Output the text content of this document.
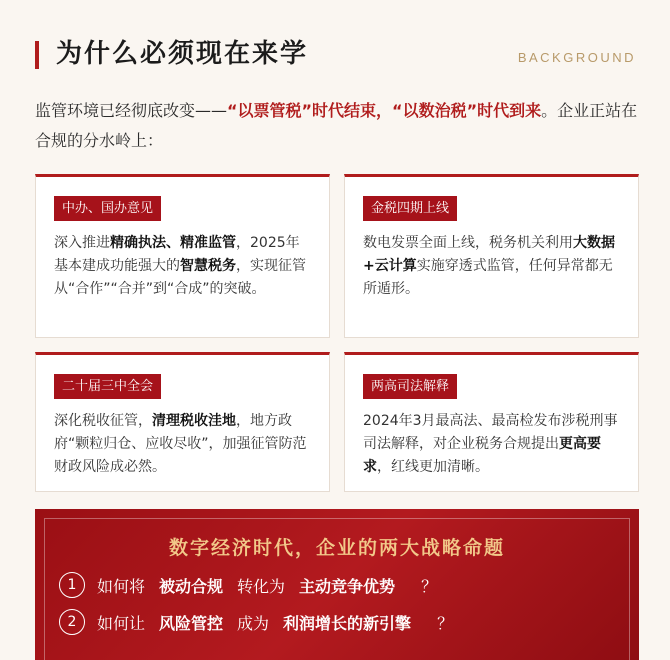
为什么必须现在来学	BACKGROUND

监管环境已经彻底改变——“以票管税”时代结束，“以数治税”时代到来。企业正站在合规的分水岭上：

中办、国办意见

深入推进精确执法、精准监管，2025年基本建成功能强大的智慧税务，实现征管从“合作”“合并”到“合成”的突破。

金税四期上线

数电发票全面上线，税务机关利用大数据+云计算实施穿透式监管，任何异常都无所遁形。

二十届三中全会

深化税收征管，清理税收洼地，地方政府“颗粒归仓、应收尽收”，加强征管防范财政风险成必然。

两高司法解释

2024年3月最高法、最高检发布涉税刑事司法解释，对企业税务合规提出更高要求，红线更加清晰。

数字经济时代，企业的两大战略命题
1	如何将 被动合规 转化为 主动竞争优势 ？
2	如何让 风险管控 成为 利润增长的新引擎 ？
